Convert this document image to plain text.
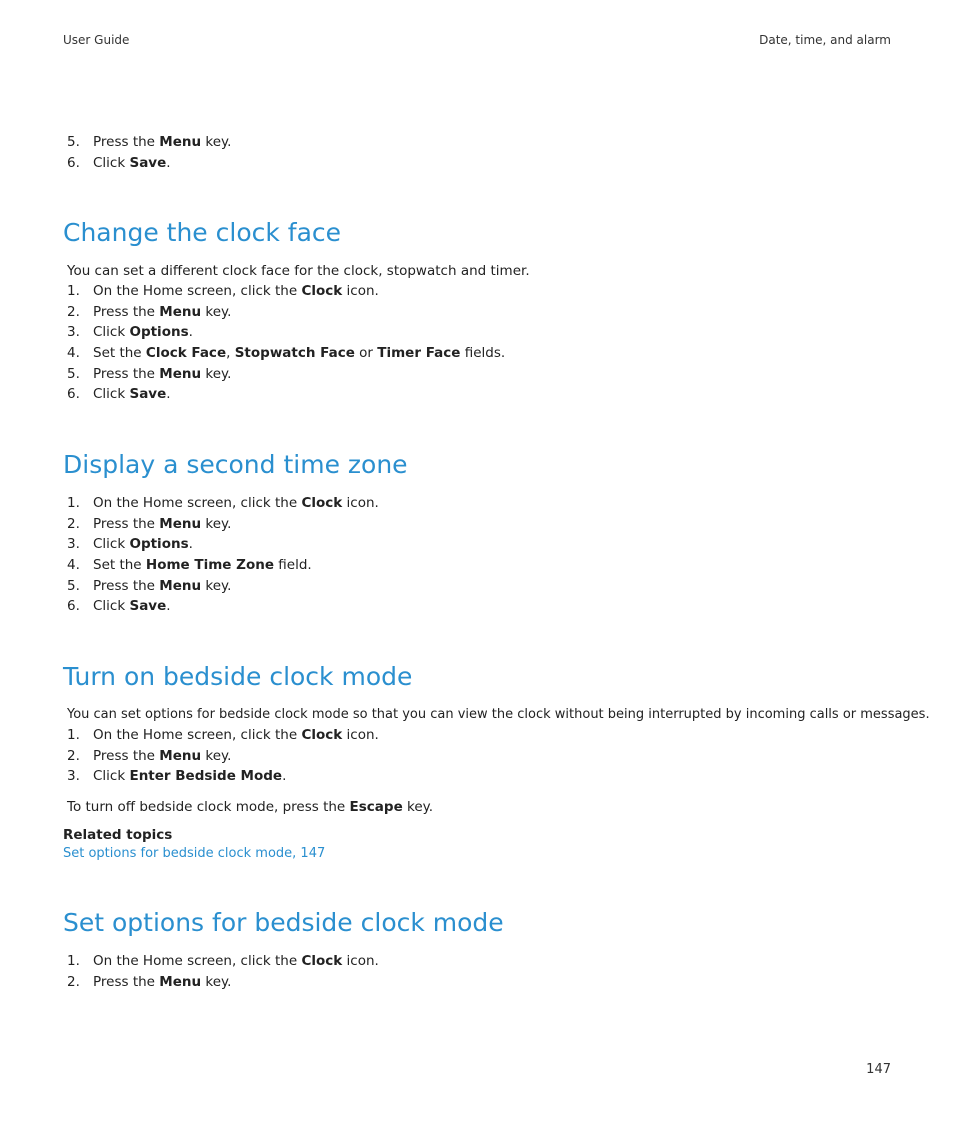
User Guide	Date, time, and alarm
5. Press the Menu key.
6. Click Save.
Change the clock face

You can set a different clock face for the clock, stopwatch and timer.

1. On the Home screen, click the Clock icon.
2. Press the Menu key.
3. Click Options.
4. Set the Clock Face, Stopwatch Face or Timer Face fields.
5. Press the Menu key.
6. Click Save.
Display a second time zone
1. On the Home screen, click the Clock icon.
2. Press the Menu key.
3. Click Options.
4. Set the Home Time Zone field.
5. Press the Menu key.
6. Click Save.
Turn on bedside clock mode

You can set options for bedside clock mode so that you can view the clock without being interrupted by incoming calls or messages.

1. On the Home screen, click the Clock icon.
2. Press the Menu key.
3. Click Enter Bedside Mode.

To turn off bedside clock mode, press the Escape key.

Related topics

Set options for bedside clock mode, 147
Set options for bedside clock mode
1. On the Home screen, click the Clock icon.
2. Press the Menu key.
147
